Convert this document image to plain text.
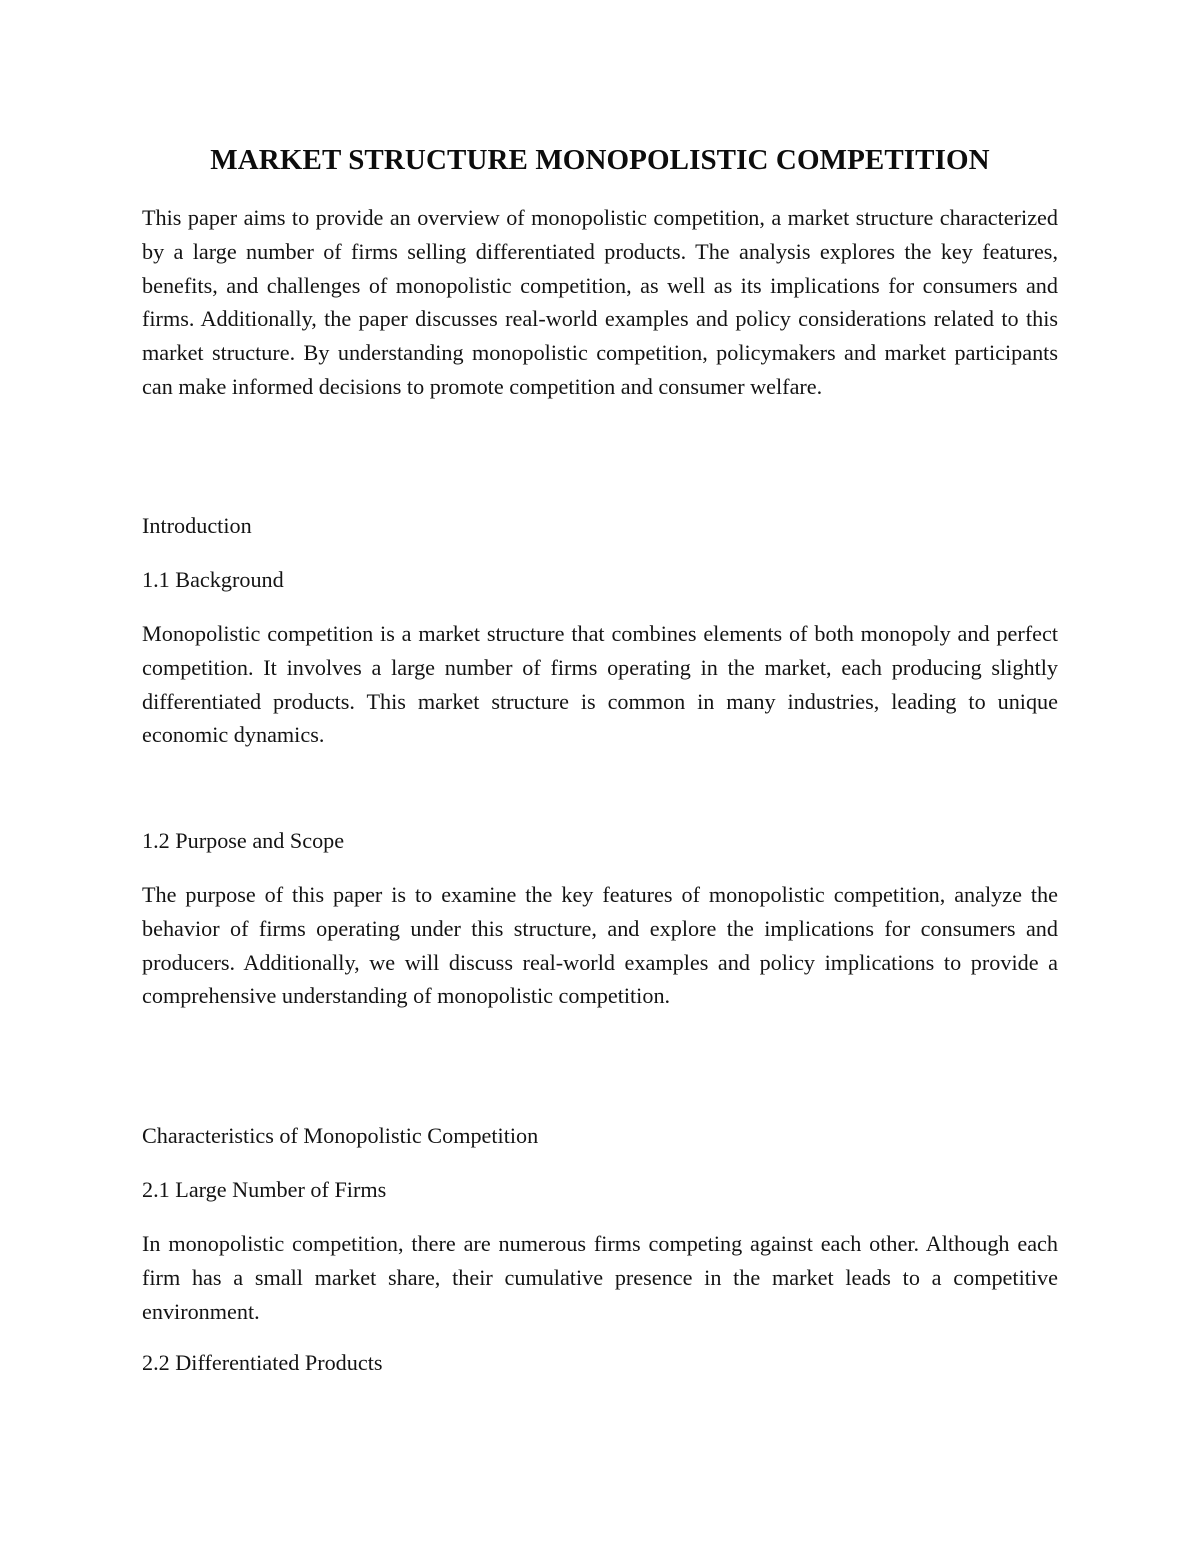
MARKET STRUCTURE MONOPOLISTIC COMPETITION

This paper aims to provide an overview of monopolistic competition, a market structure characterized by a large number of firms selling differentiated products. The analysis explores the key features, benefits, and challenges of monopolistic competition, as well as its implications for consumers and firms. Additionally, the paper discusses real-world examples and policy considerations related to this market structure. By understanding monopolistic competition, policymakers and market participants can make informed decisions to promote competition and consumer welfare.

Introduction
1.1 Background

Monopolistic competition is a market structure that combines elements of both monopoly and perfect competition. It involves a large number of firms operating in the market, each producing slightly differentiated products. This market structure is common in many industries, leading to unique economic dynamics.

1.2 Purpose and Scope

The purpose of this paper is to examine the key features of monopolistic competition, analyze the behavior of firms operating under this structure, and explore the implications for consumers and producers. Additionally, we will discuss real-world examples and policy implications to provide a comprehensive understanding of monopolistic competition.

Characteristics of Monopolistic Competition
2.1 Large Number of Firms

In monopolistic competition, there are numerous firms competing against each other. Although each firm has a small market share, their cumulative presence in the market leads to a competitive environment.

2.2 Differentiated Products
